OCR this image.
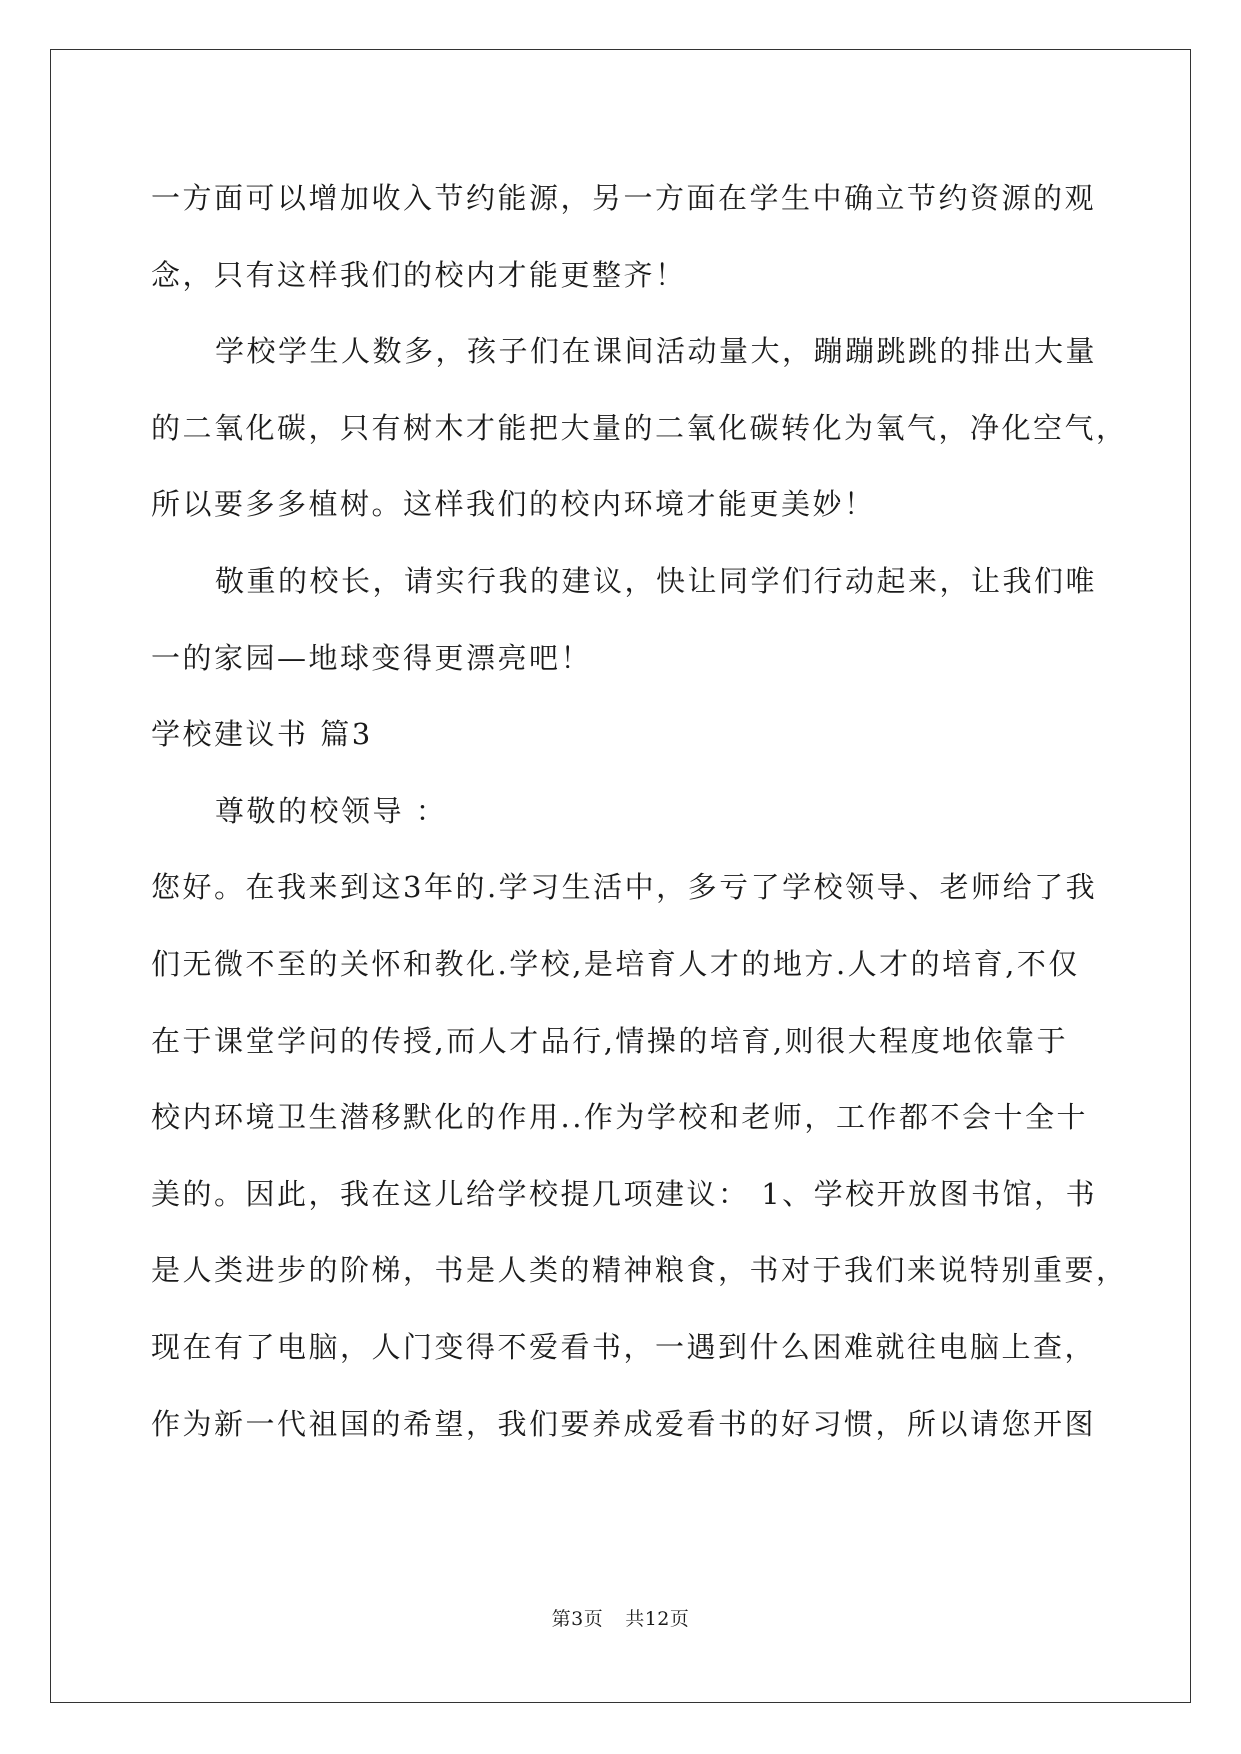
一方面可以增加收入节约能源，另一方面在学生中确立节约资源的观
念，只有这样我们的校内才能更整齐！
学校学生人数多，孩子们在课间活动量大，蹦蹦跳跳的排出大量
的二氧化碳，只有树木才能把大量的二氧化碳转化为氧气，净化空气，
所以要多多植树。这样我们的校内环境才能更美妙！
敬重的校长，请实行我的建议，快让同学们行动起来，让我们唯
一的家园—地球变得更漂亮吧！
学校建议书 篇3
尊敬的校领导 ：
您好。在我来到这3年的.学习生活中，多亏了学校领导、老师给了我
们无微不至的关怀和教化.学校,是培育人才的地方.人才的培育,不仅
在于课堂学问的传授,而人才品行,情操的培育,则很大程度地依靠于
校内环境卫生潜移默化的作用..作为学校和老师，工作都不会十全十
美的。因此，我在这儿给学校提几项建议： 1、学校开放图书馆，书
是人类进步的阶梯，书是人类的精神粮食，书对于我们来说特别重要，
现在有了电脑，人门变得不爱看书，一遇到什么困难就往电脑上查，
作为新一代祖国的希望，我们要养成爱看书的好习惯，所以请您开图
第3页 共12页
